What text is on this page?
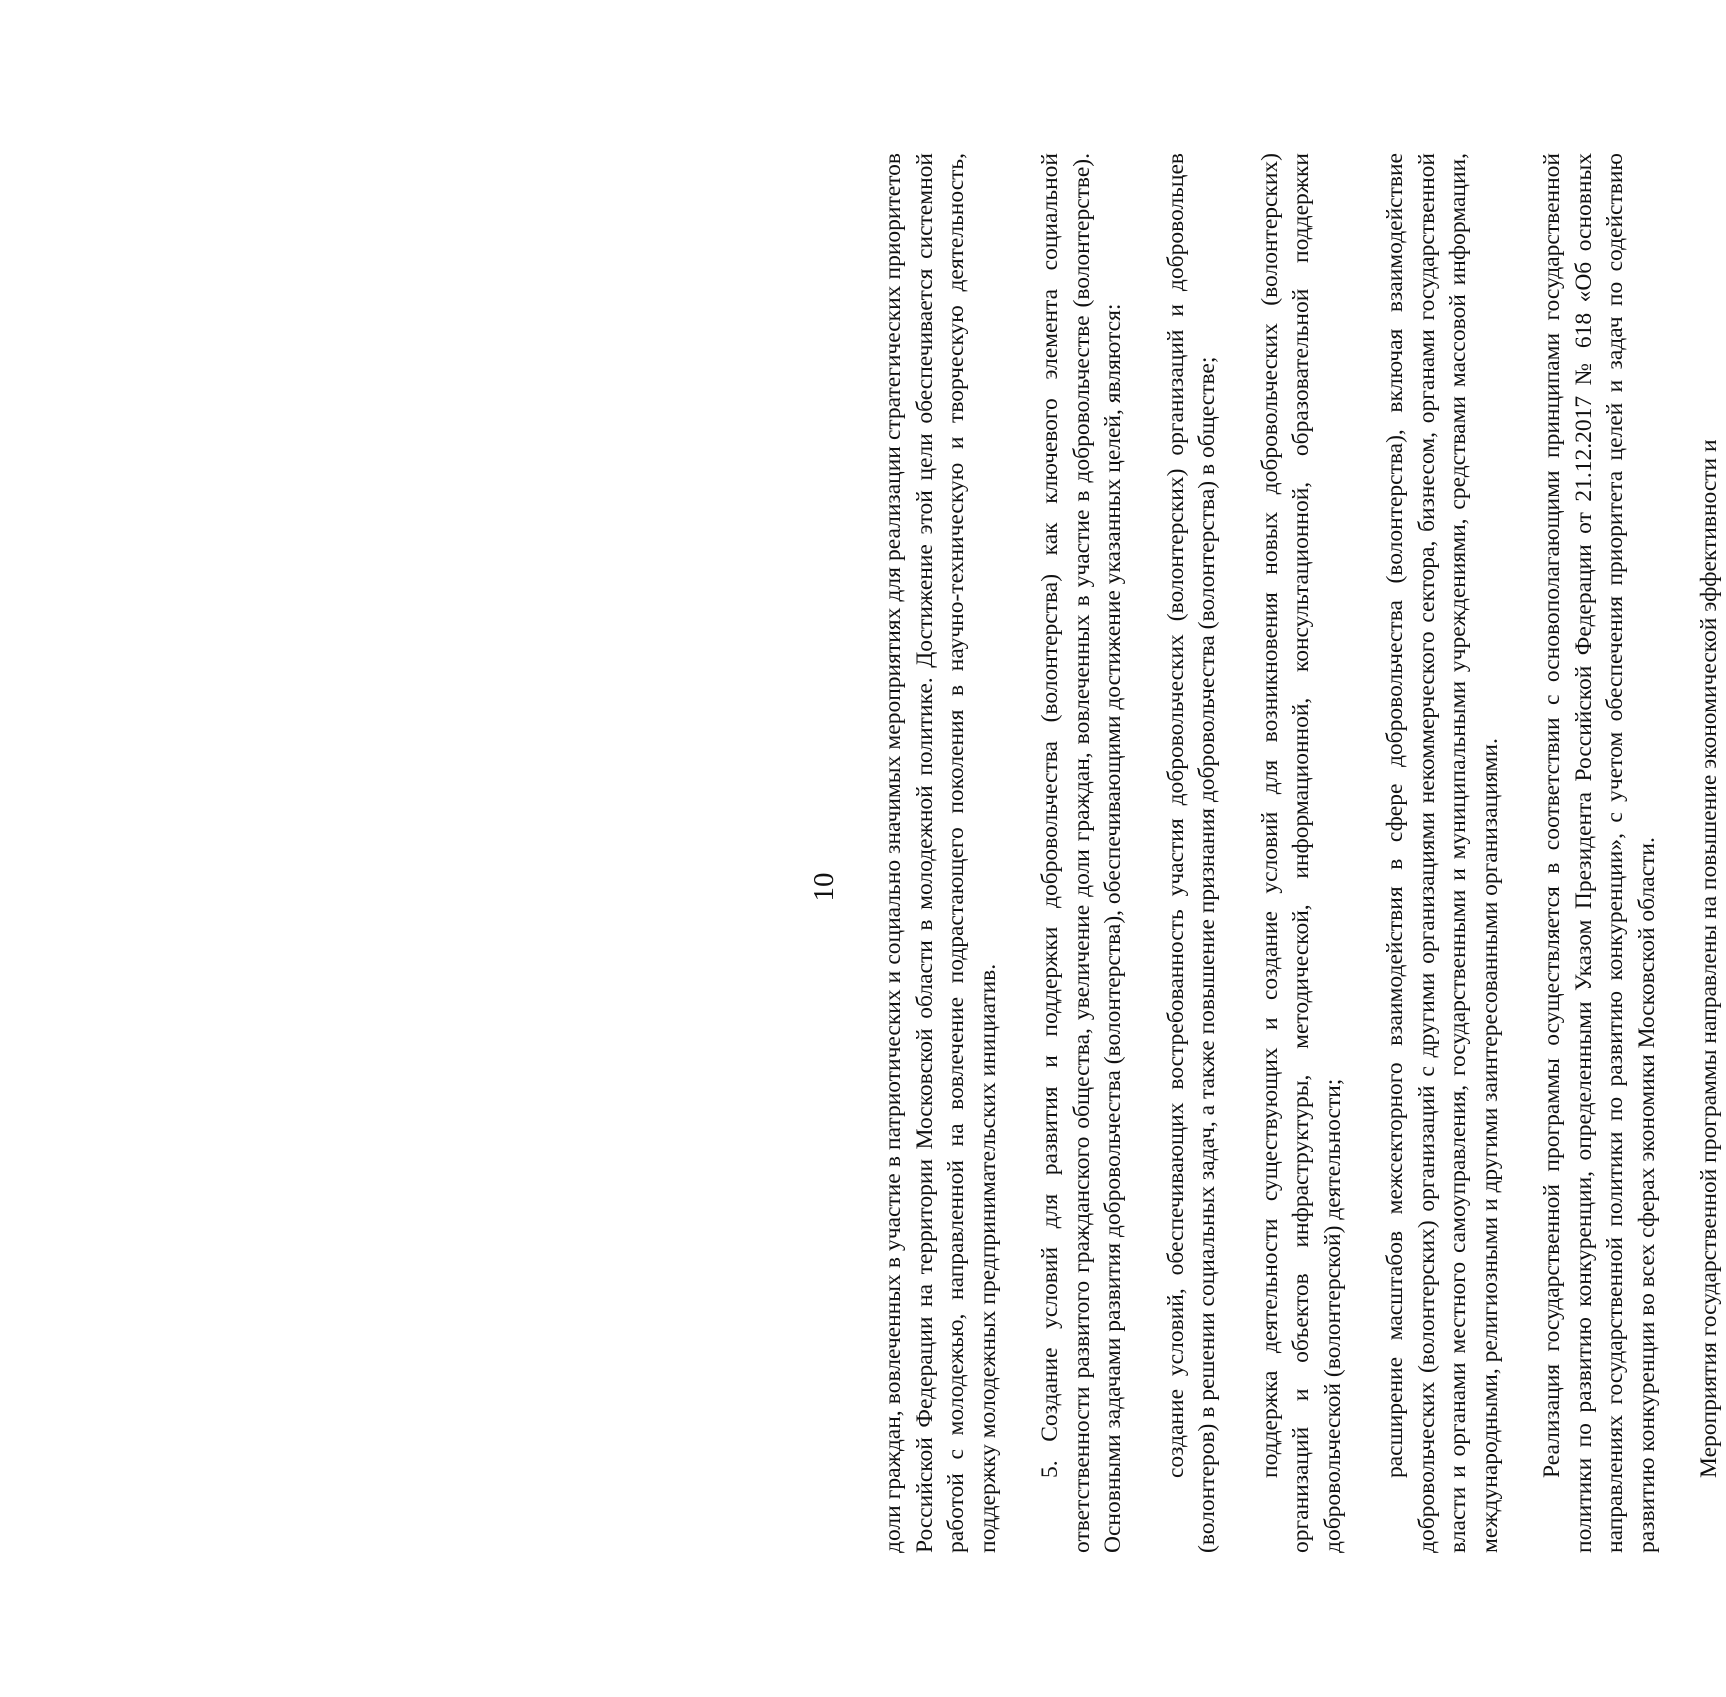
10 доли граждан, вовлеченных в участие в патриотических и социально значимых мероприятиях для реализации стратегических приоритетов Российской Федерации на территории Московской области в молодежной политике. Достижение этой цели обеспечивается системной работой с молодежью, направленной на вовлечение подрастающего поколения в научно-техническую и творческую деятельность, поддержку молодежных предпринимательских инициатив. 5. Создание условий для развития и поддержки добровольчества (волонтерства) как ключевого элемента социальной ответственности развитого гражданского общества, увеличение доли граждан, вовлеченных в участие в добровольчестве (волонтерстве). Основными задачами развития добровольчества (волонтерства), обеспечивающими достижение указанных целей, являются: создание условий, обеспечивающих востребованность участия добровольческих (волонтерских) организаций и добровольцев (волонтеров) в решении социальных задач, а также повышение признания добровольчества (волонтерства) в обществе; поддержка деятельности существующих и создание условий для возникновения новых добровольческих (волонтерских) организаций и объектов инфраструктуры, методической, информационной, консультационной, образовательной поддержки добровольческой (волонтерской) деятельности; расширение масштабов межсекторного взаимодействия в сфере добровольчества (волонтерства), включая взаимодействие добровольческих (волонтерских) организаций с другими организациями некоммерческого сектора, бизнесом, органами государственной власти и органами местного самоуправления, государственными и муниципальными учреждениями, средствами массовой информации, международными, религиозными и другими заинтересованными организациями. Реализация государственной программы осуществляется в соответствии с основополагающими принципами государственной политики по развитию конкуренции, определенными Указом Президента Российской Федерации от 21.12.2017 № 618 «Об основных направлениях государственной политики по развитию конкуренции», с учетом обеспечения приоритета целей и задач по содействию развитию конкуренции во всех сферах экономики Московской области. Мероприятия государственной программы направлены на повышение экономической эффективности и
